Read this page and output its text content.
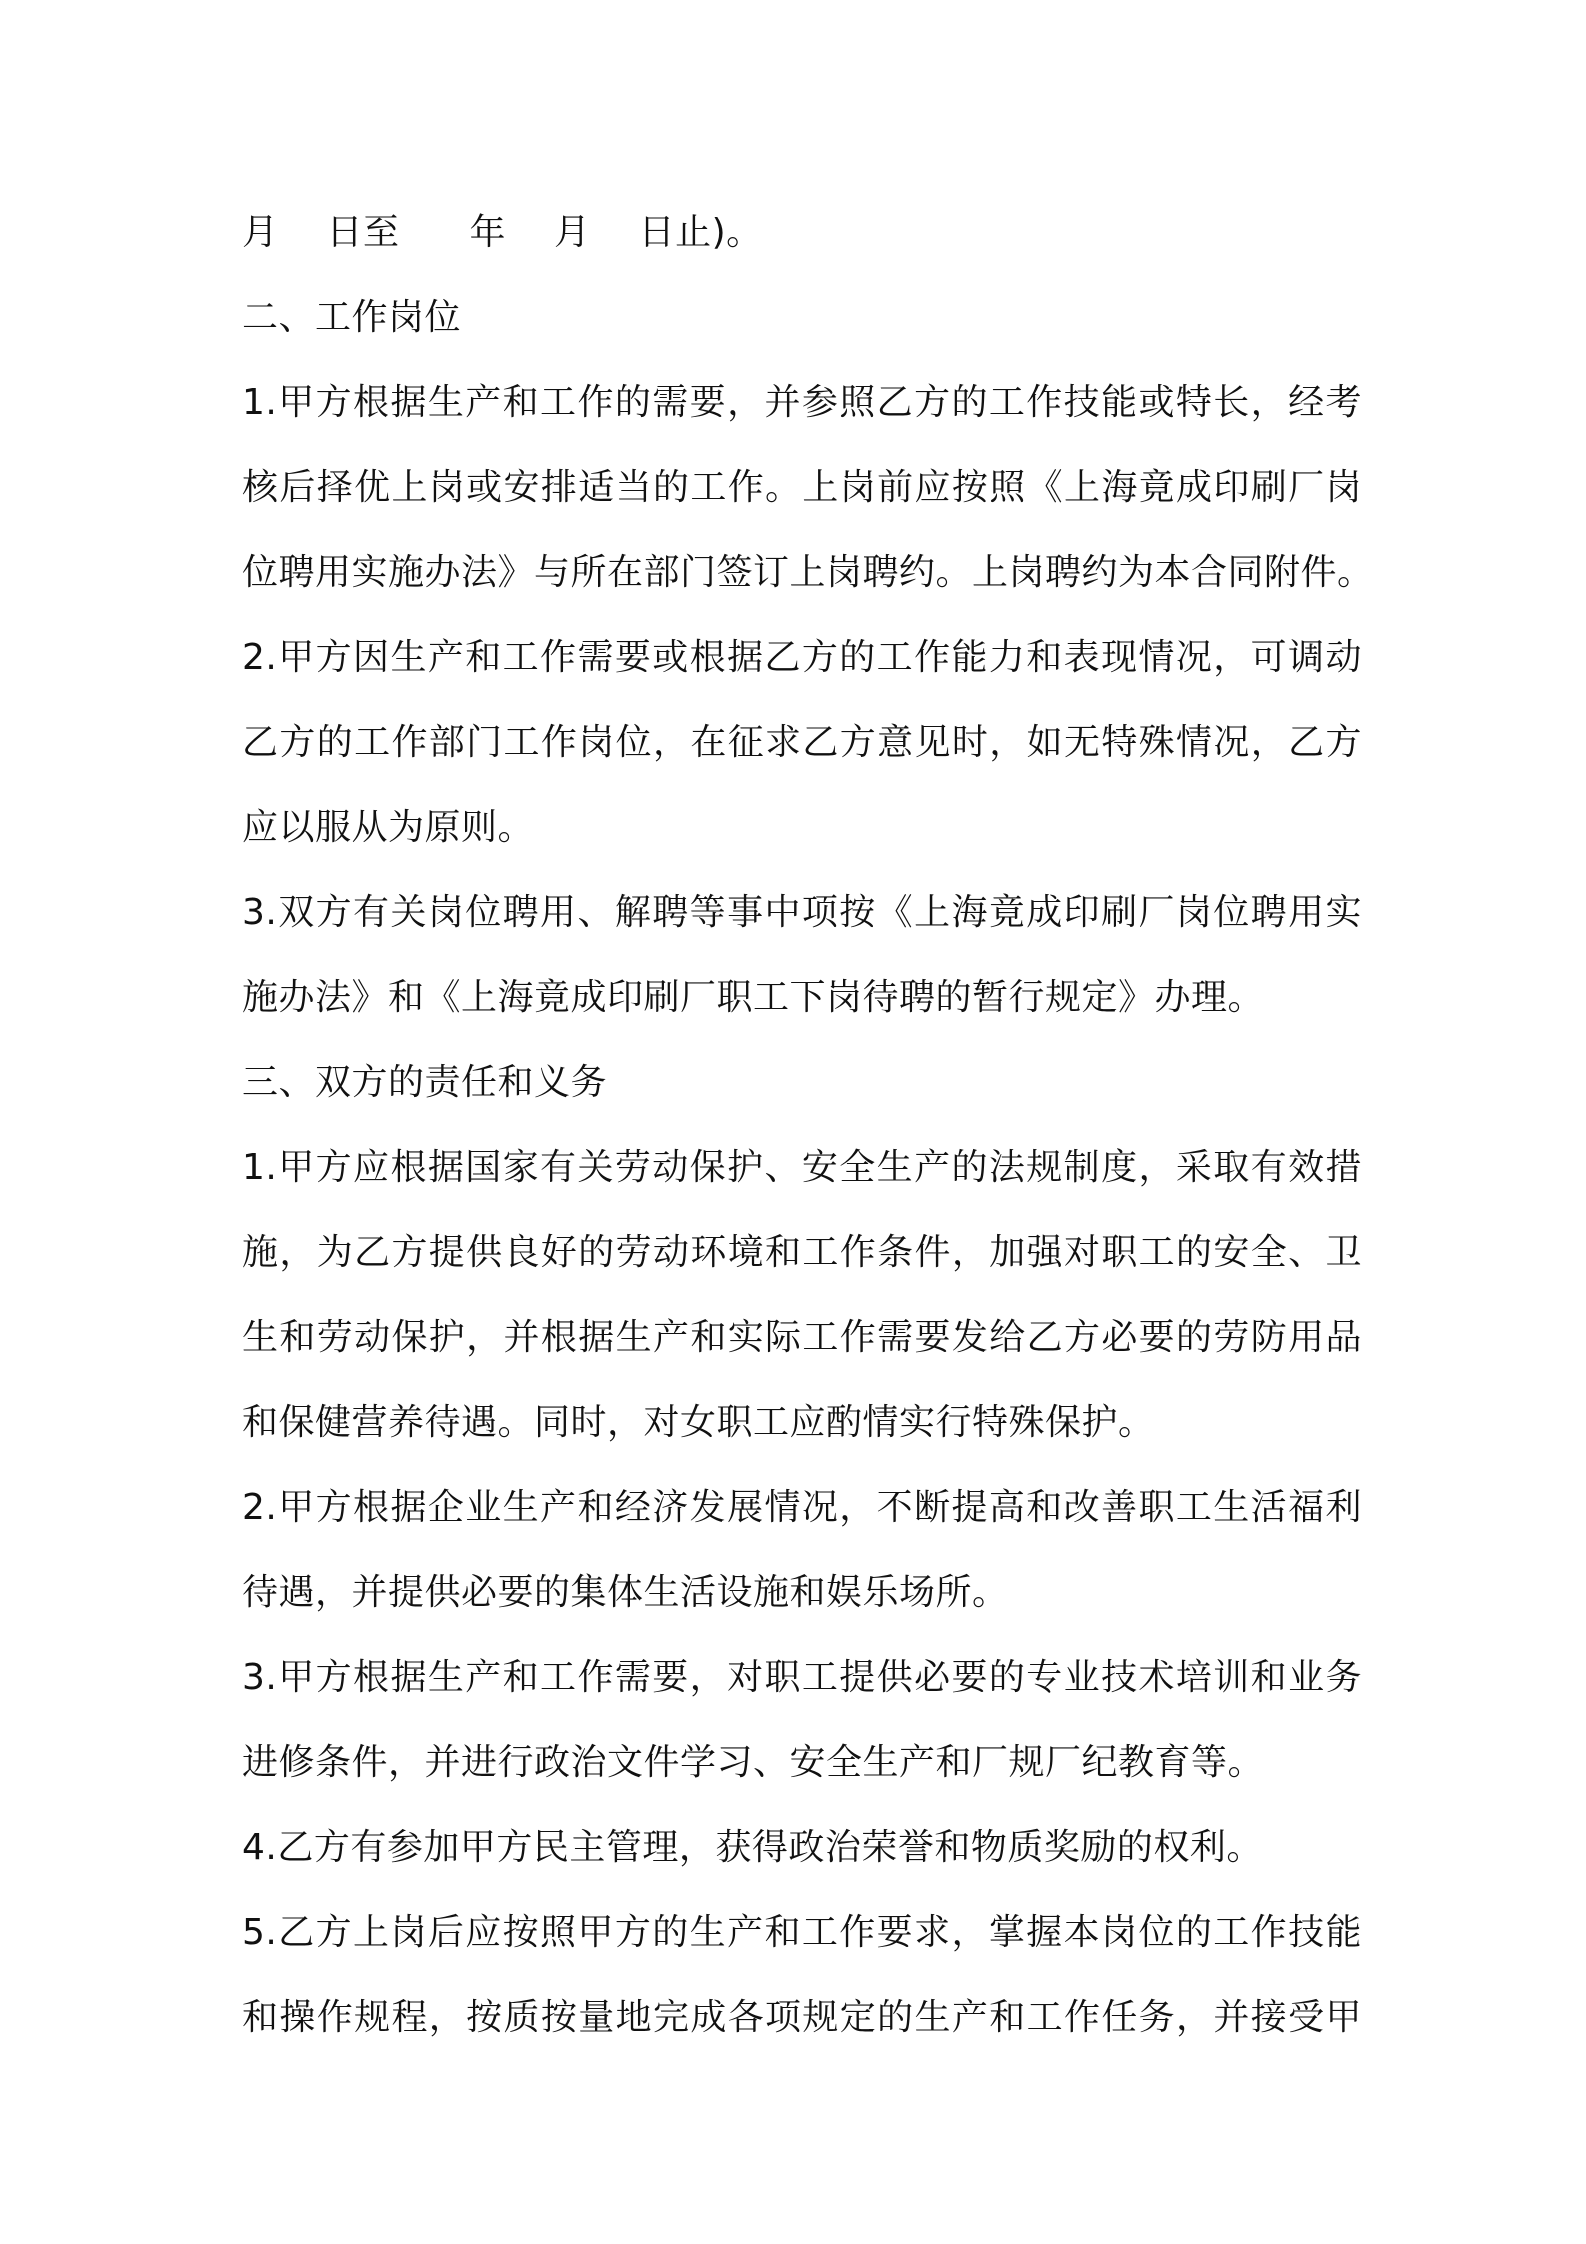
月 日至 年 月 日止)。
二、工作岗位
1.甲方根据生产和工作的需要，并参照乙方的工作技能或特长，经考
核后择优上岗或安排适当的工作。上岗前应按照《上海竟成印刷厂岗
位聘用实施办法》与所在部门签订上岗聘约。上岗聘约为本合同附件。
2.甲方因生产和工作需要或根据乙方的工作能力和表现情况，可调动
乙方的工作部门工作岗位，在征求乙方意见时，如无特殊情况，乙方
应以服从为原则。
3.双方有关岗位聘用、解聘等事中项按《上海竟成印刷厂岗位聘用实
施办法》和《上海竟成印刷厂职工下岗待聘的暂行规定》办理。
三、双方的责任和义务
1.甲方应根据国家有关劳动保护、安全生产的法规制度，采取有效措
施，为乙方提供良好的劳动环境和工作条件，加强对职工的安全、卫
生和劳动保护，并根据生产和实际工作需要发给乙方必要的劳防用品
和保健营养待遇。同时，对女职工应酌情实行特殊保护。
2.甲方根据企业生产和经济发展情况，不断提高和改善职工生活福利
待遇，并提供必要的集体生活设施和娱乐场所。
3.甲方根据生产和工作需要，对职工提供必要的专业技术培训和业务
进修条件，并进行政治文件学习、安全生产和厂规厂纪教育等。
4.乙方有参加甲方民主管理，获得政治荣誉和物质奖励的权利。
5.乙方上岗后应按照甲方的生产和工作要求，掌握本岗位的工作技能
和操作规程，按质按量地完成各项规定的生产和工作任务，并接受甲
